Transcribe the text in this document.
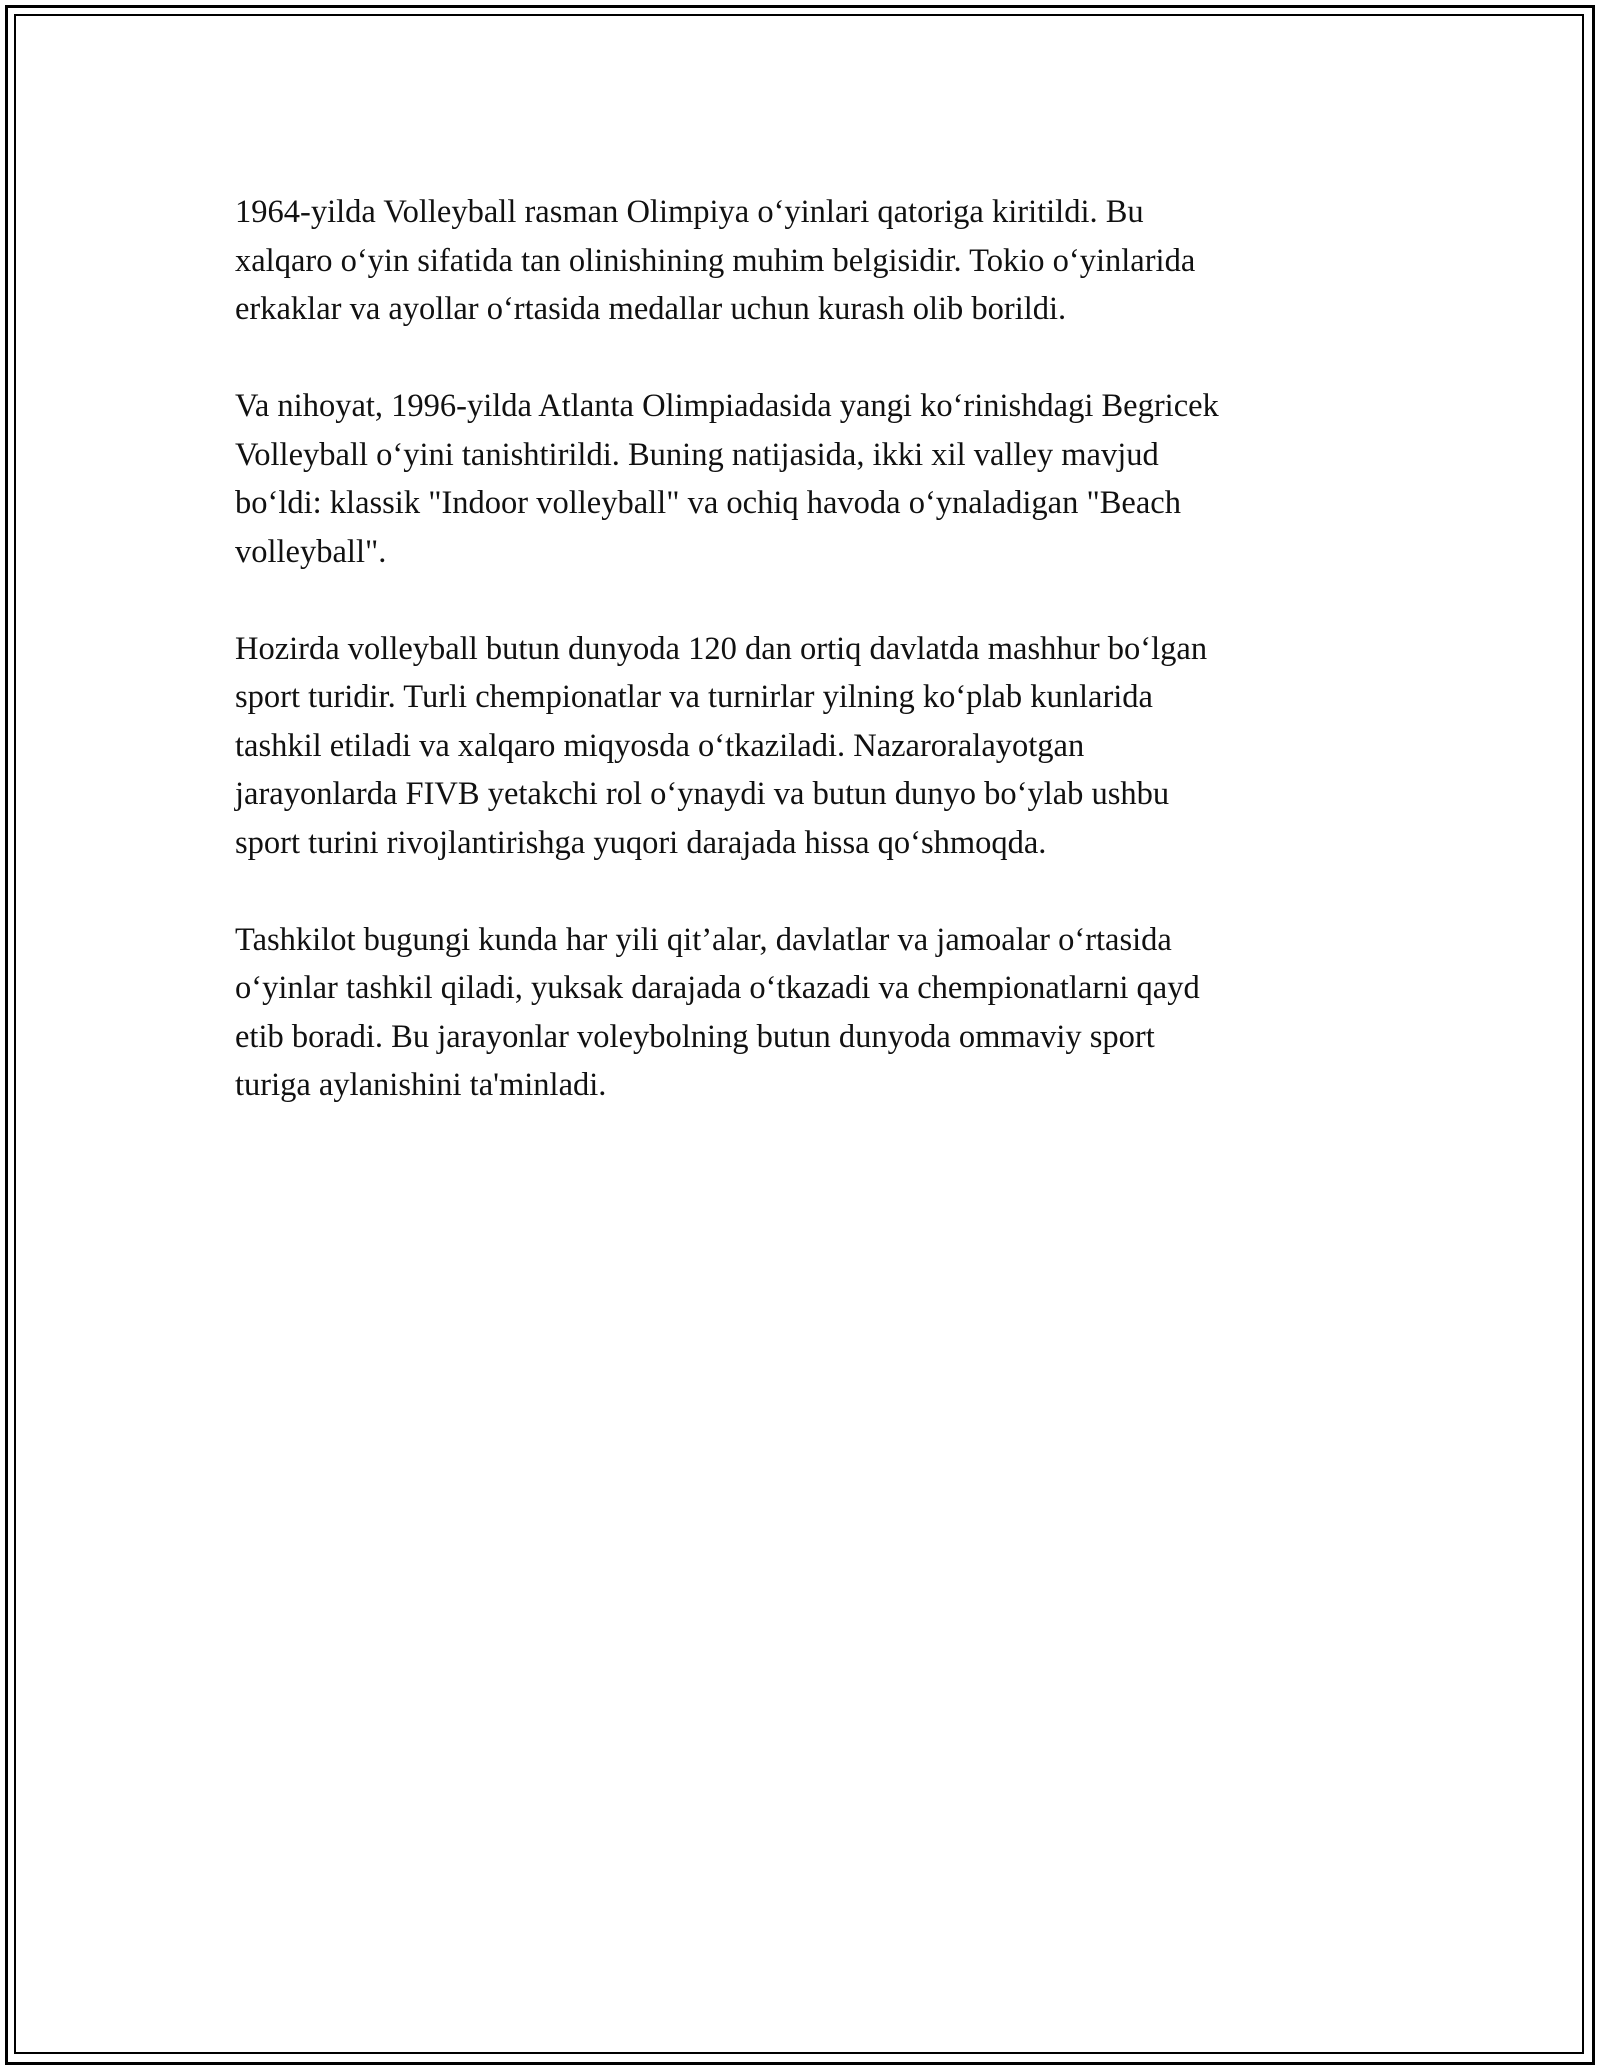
1964-yilda Volleyball rasman Olimpiya o‘yinlari qatoriga kiritildi. Bu
xalqaro o‘yin sifatida tan olinishining muhim belgisidir. Tokio o‘yinlarida
erkaklar va ayollar o‘rtasida medallar uchun kurash olib borildi.

Va nihoyat, 1996-yilda Atlanta Olimpiadasida yangi ko‘rinishdagi Begricek
Volleyball o‘yini tanishtirildi. Buning natijasida, ikki xil valley mavjud
bo‘ldi: klassik "Indoor volleyball" va ochiq havoda o‘ynaladigan "Beach
volleyball".

Hozirda volleyball butun dunyoda 120 dan ortiq davlatda mashhur bo‘lgan
sport turidir. Turli chempionatlar va turnirlar yilning ko‘plab kunlarida
tashkil etiladi va xalqaro miqyosda o‘tkaziladi. Nazaroralayotgan
jarayonlarda FIVB yetakchi rol o‘ynaydi va butun dunyo bo‘ylab ushbu
sport turini rivojlantirishga yuqori darajada hissa qo‘shmoqda.

Tashkilot bugungi kunda har yili qit’alar, davlatlar va jamoalar o‘rtasida
o‘yinlar tashkil qiladi, yuksak darajada o‘tkazadi va chempionatlarni qayd
etib boradi. Bu jarayonlar voleybolning butun dunyoda ommaviy sport
turiga aylanishini ta'minladi.
